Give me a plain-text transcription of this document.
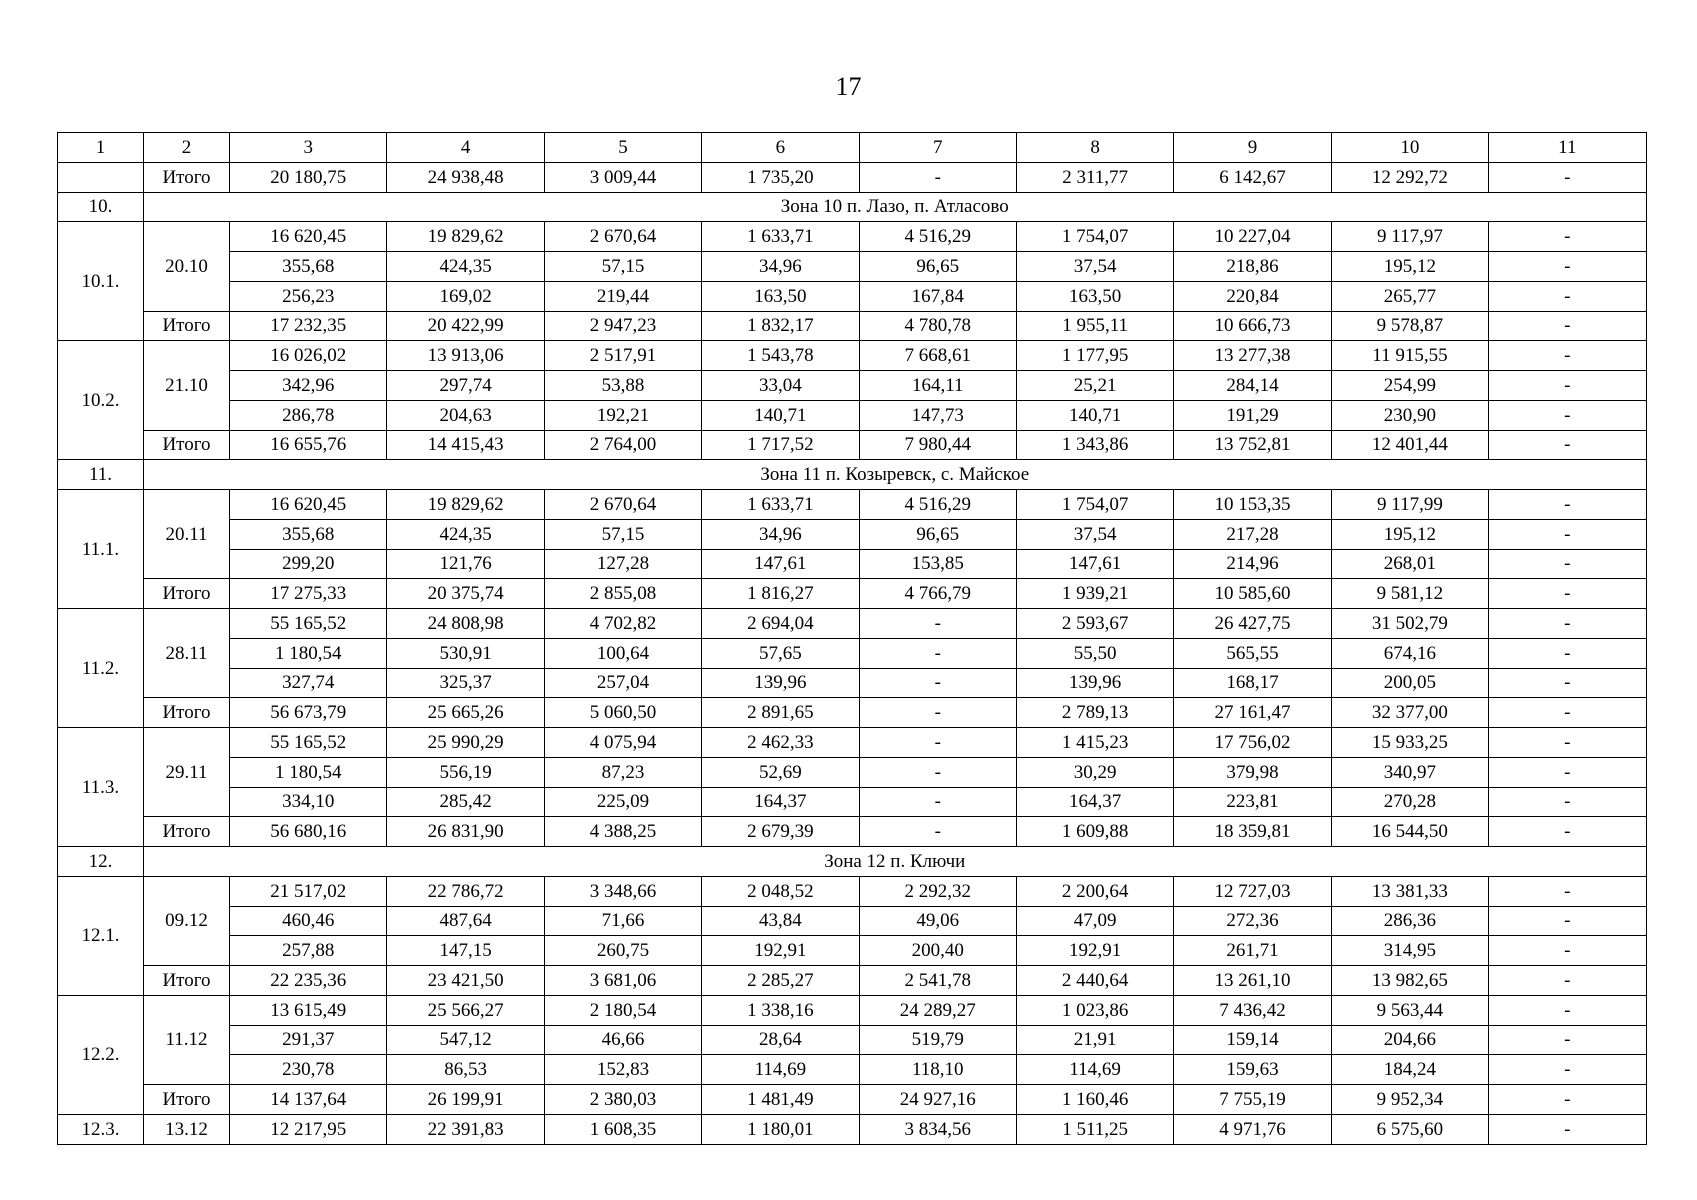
17
1	2	3	4	5	6	7	8	9	10	11
	Итого	20 180,75	24 938,48	3 009,44	1 735,20	-	2 311,77	6 142,67	12 292,72	-
10.	Зона 10 п. Лазо, п. Атласово									
10.1.	20.10	16 620,45	19 829,62	2 670,64	1 633,71	4 516,29	1 754,07	10 227,04	9 117,97	-
		355,68	424,35	57,15	34,96	96,65	37,54	218,86	195,12	-
		256,23	169,02	219,44	163,50	167,84	163,50	220,84	265,77	-
	Итого	17 232,35	20 422,99	2 947,23	1 832,17	4 780,78	1 955,11	10 666,73	9 578,87	-
10.2.	21.10	16 026,02	13 913,06	2 517,91	1 543,78	7 668,61	1 177,95	13 277,38	11 915,55	-
		342,96	297,74	53,88	33,04	164,11	25,21	284,14	254,99	-
		286,78	204,63	192,21	140,71	147,73	140,71	191,29	230,90	-
	Итого	16 655,76	14 415,43	2 764,00	1 717,52	7 980,44	1 343,86	13 752,81	12 401,44	-
11.	Зона 11 п. Козыревск, с. Майское									
11.1.	20.11	16 620,45	19 829,62	2 670,64	1 633,71	4 516,29	1 754,07	10 153,35	9 117,99	-
		355,68	424,35	57,15	34,96	96,65	37,54	217,28	195,12	-
		299,20	121,76	127,28	147,61	153,85	147,61	214,96	268,01	-
	Итого	17 275,33	20 375,74	2 855,08	1 816,27	4 766,79	1 939,21	10 585,60	9 581,12	-
11.2.	28.11	55 165,52	24 808,98	4 702,82	2 694,04	-	2 593,67	26 427,75	31 502,79	-
		1 180,54	530,91	100,64	57,65	-	55,50	565,55	674,16	-
		327,74	325,37	257,04	139,96	-	139,96	168,17	200,05	-
	Итого	56 673,79	25 665,26	5 060,50	2 891,65	-	2 789,13	27 161,47	32 377,00	-
11.3.	29.11	55 165,52	25 990,29	4 075,94	2 462,33	-	1 415,23	17 756,02	15 933,25	-
		1 180,54	556,19	87,23	52,69	-	30,29	379,98	340,97	-
		334,10	285,42	225,09	164,37	-	164,37	223,81	270,28	-
	Итого	56 680,16	26 831,90	4 388,25	2 679,39	-	1 609,88	18 359,81	16 544,50	-
12.	Зона 12 п. Ключи									
12.1.	09.12	21 517,02	22 786,72	3 348,66	2 048,52	2 292,32	2 200,64	12 727,03	13 381,33	-
		460,46	487,64	71,66	43,84	49,06	47,09	272,36	286,36	-
		257,88	147,15	260,75	192,91	200,40	192,91	261,71	314,95	-
	Итого	22 235,36	23 421,50	3 681,06	2 285,27	2 541,78	2 440,64	13 261,10	13 982,65	-
12.2.	11.12	13 615,49	25 566,27	2 180,54	1 338,16	24 289,27	1 023,86	7 436,42	9 563,44	-
		291,37	547,12	46,66	28,64	519,79	21,91	159,14	204,66	-
		230,78	86,53	152,83	114,69	118,10	114,69	159,63	184,24	-
	Итого	14 137,64	26 199,91	2 380,03	1 481,49	24 927,16	1 160,46	7 755,19	9 952,34	-
12.3.	13.12	12 217,95	22 391,83	1 608,35	1 180,01	3 834,56	1 511,25	4 971,76	6 575,60	-
